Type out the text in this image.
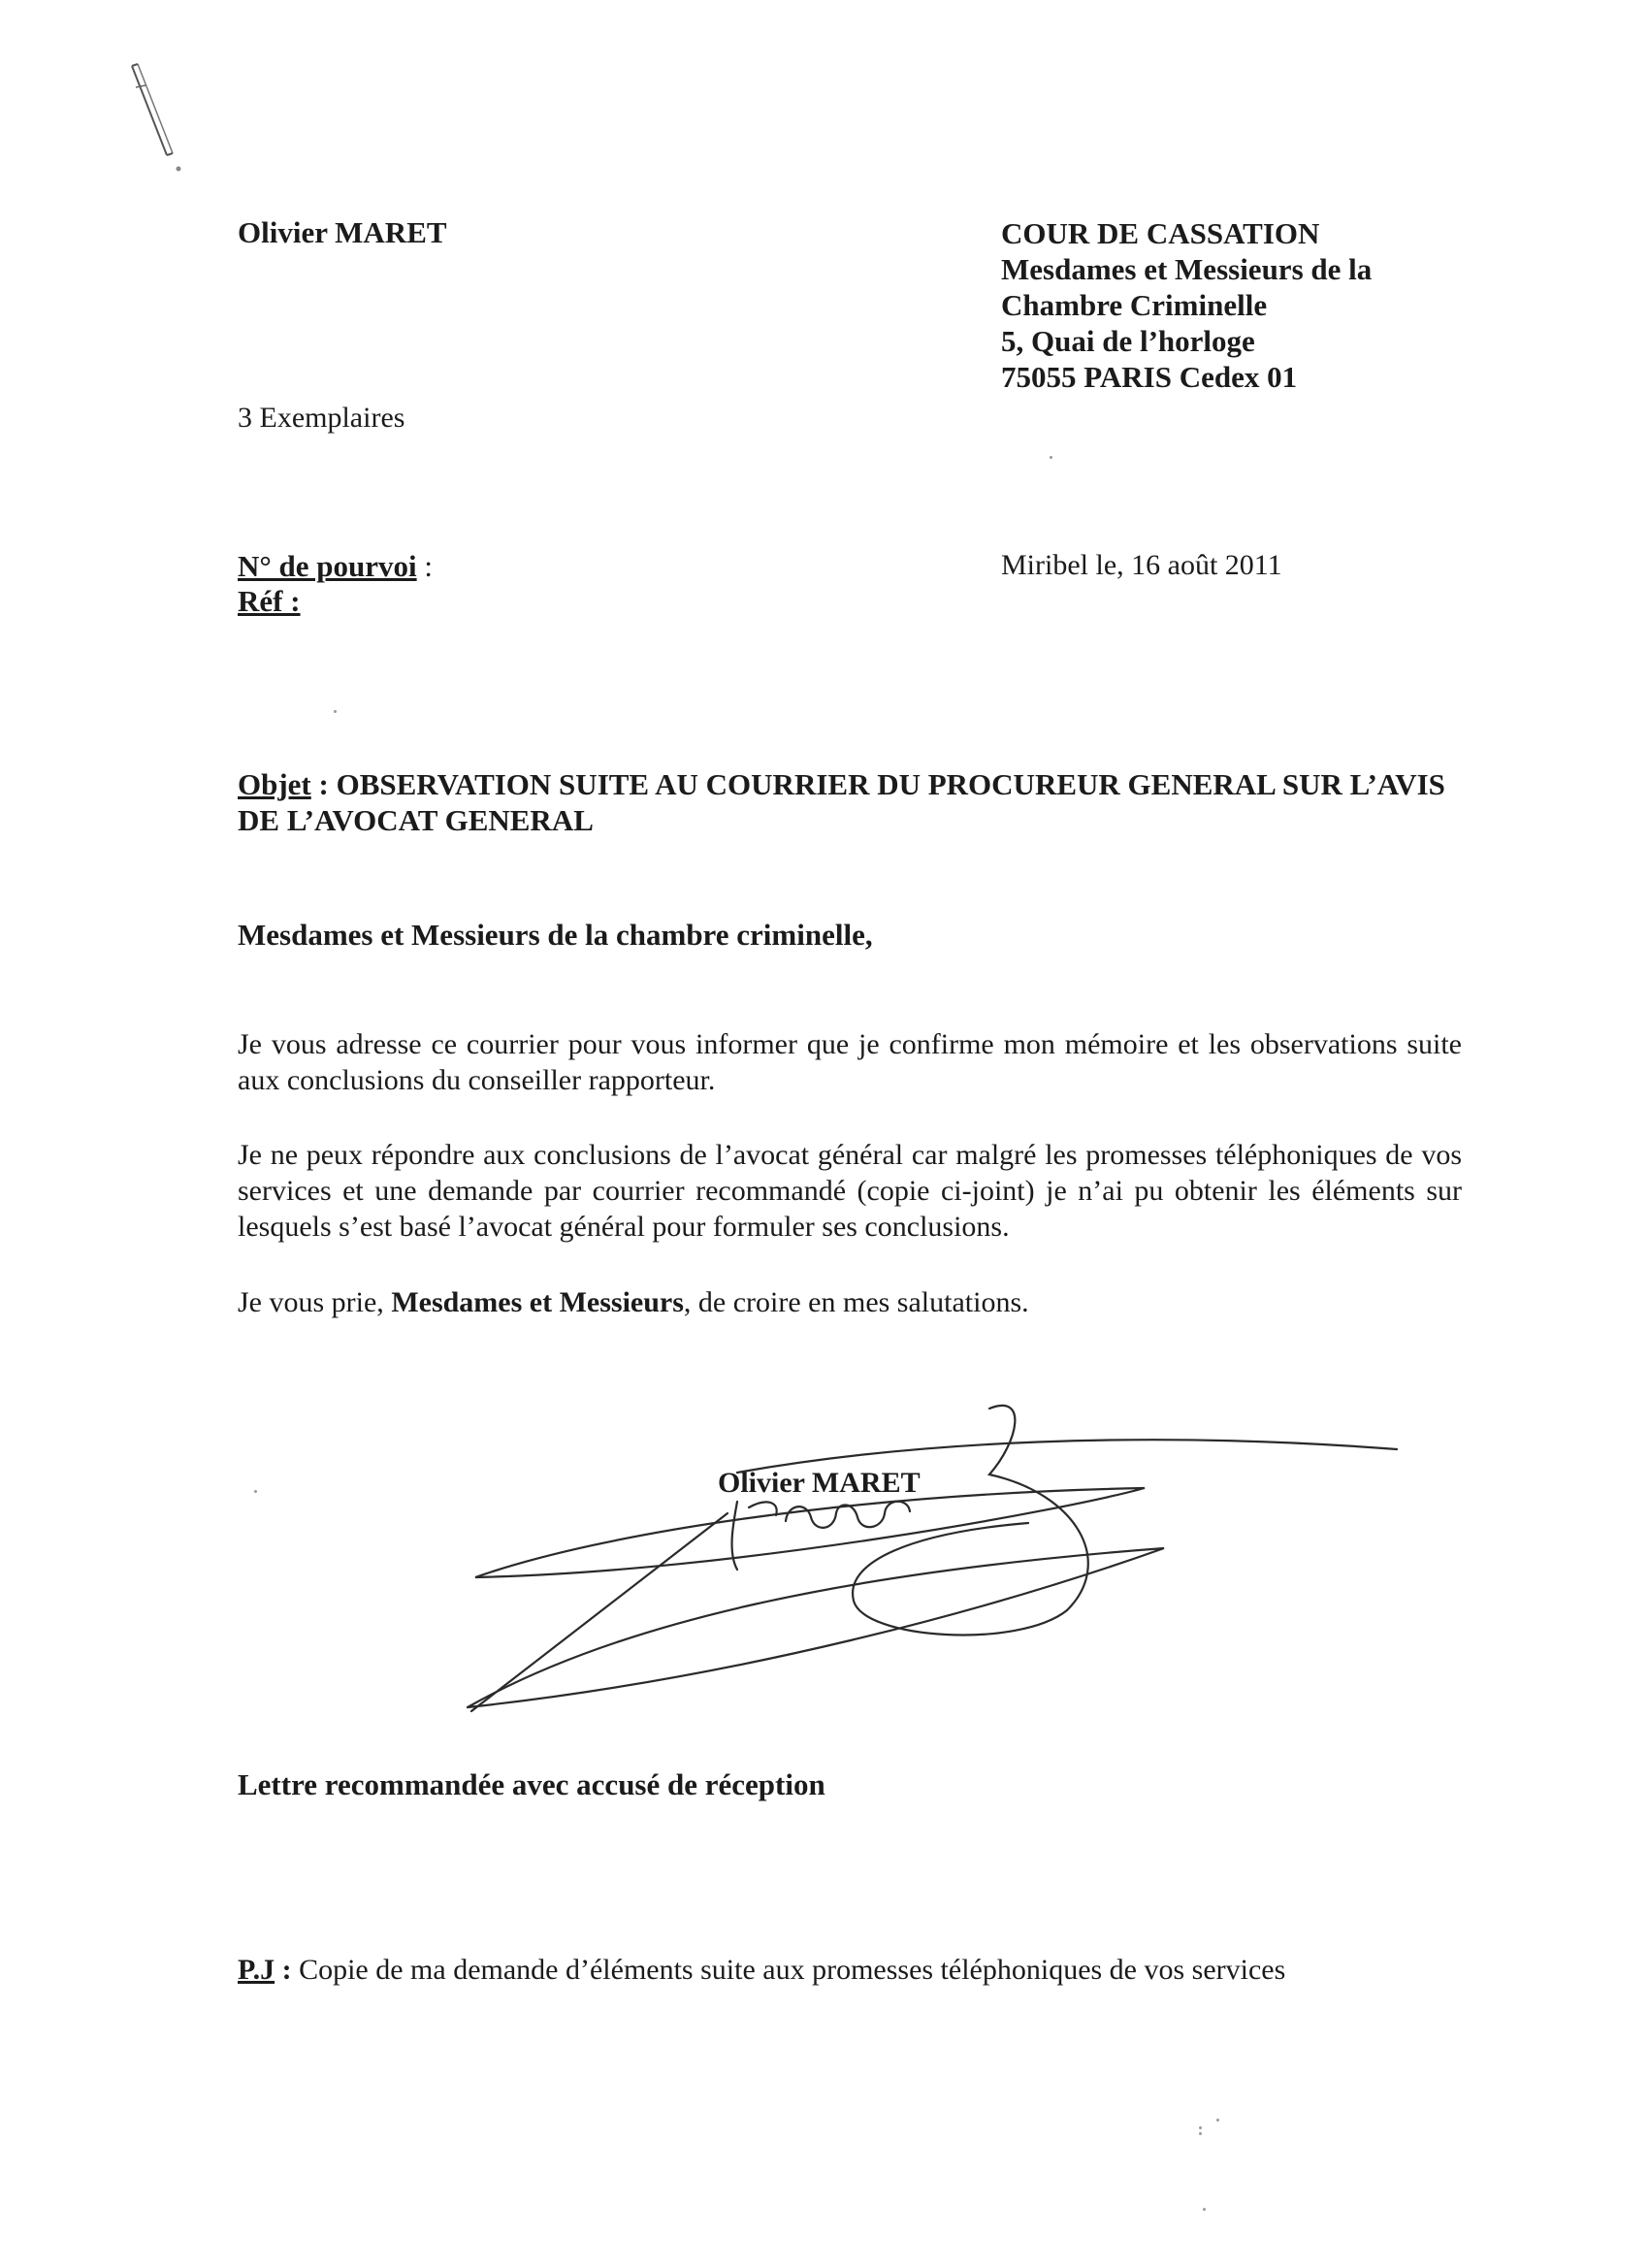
Olivier MARET
3 Exemplaires
COUR DE CASSATION
Mesdames et Messieurs de la
Chambre Criminelle
5, Quai de l’horloge
75055 PARIS Cedex 01
N° de pourvoi :
Réf :
Miribel le, 16 août 2011
Objet : OBSERVATION SUITE AU COURRIER DU PROCUREUR GENERAL SUR L’AVIS DE L’AVOCAT GENERAL
Mesdames et Messieurs de la chambre criminelle,
Je vous adresse ce courrier pour vous informer que je confirme mon mémoire et les observations suite aux conclusions du conseiller rapporteur.
Je ne peux répondre aux conclusions de l’avocat général car malgré les promesses téléphoniques de vos services et une demande par courrier recommandé (copie ci-joint) je n’ai pu obtenir les éléments sur lesquels s’est basé l’avocat général pour formuler ses conclusions.
Je vous prie, Mesdames et Messieurs, de croire en mes salutations.
Olivier MARET
Lettre recommandée avec accusé de réception
P.J : Copie de ma demande d’éléments suite aux promesses téléphoniques de vos services
